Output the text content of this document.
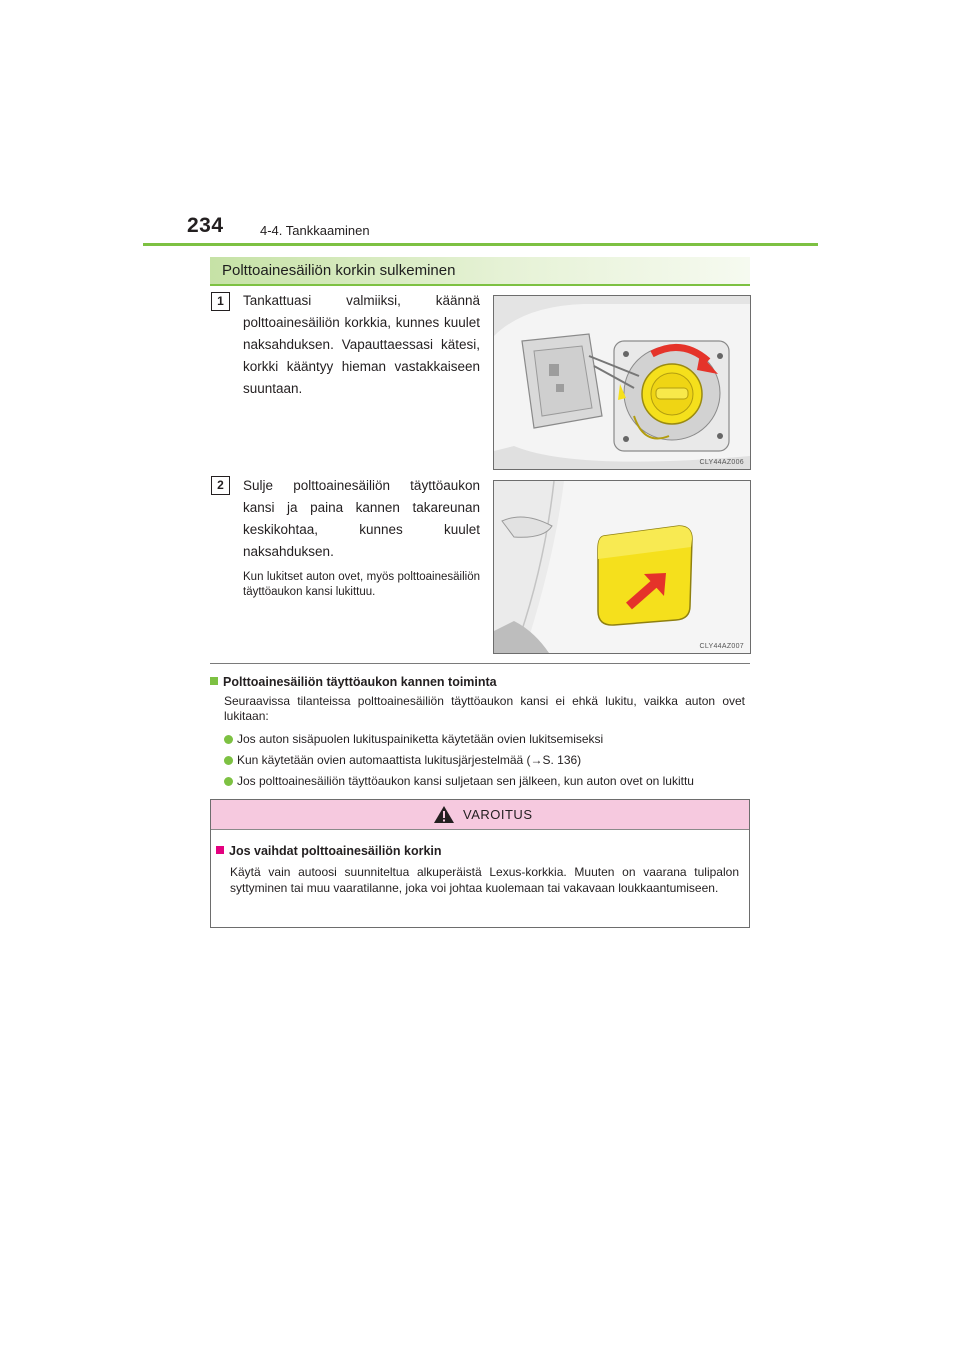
234	4-4. Tankkaaminen
Polttoainesäiliön korkin sulkeminen
1	Tankattuasi valmiiksi, käännä polttoainesäiliön korkkia, kunnes kuulet naksahduksen. Vapauttaessasi kätesi, korkki kääntyy hieman vastakkaiseen suuntaan.
CLY44AZ006
2	Sulje polttoainesäiliön täyttöaukon kansi ja paina kannen takareunan keskikohtaa, kunnes kuulet naksahduksen.
Kun lukitset auton ovet, myös polttoainesäiliön täyttöaukon kansi lukittuu.
CLY44AZ007
Polttoainesäiliön täyttöaukon kannen toiminta
Seuraavissa tilanteissa polttoainesäiliön täyttöaukon kansi ei ehkä lukitu, vaikka auton ovet lukitaan:
Jos auton sisäpuolen lukituspainiketta käytetään ovien lukitsemiseksi
Kun käytetään ovien automaattista lukitusjärjestelmää (→S. 136)
Jos polttoainesäiliön täyttöaukon kansi suljetaan sen jälkeen, kun auton ovet on lukittu
VAROITUS
Jos vaihdat polttoainesäiliön korkin
Käytä vain autoosi suunniteltua alkuperäistä Lexus-korkkia. Muuten on vaarana tulipalon syttyminen tai muu vaaratilanne, joka voi johtaa kuolemaan tai vakavaan loukkaantumiseen.
